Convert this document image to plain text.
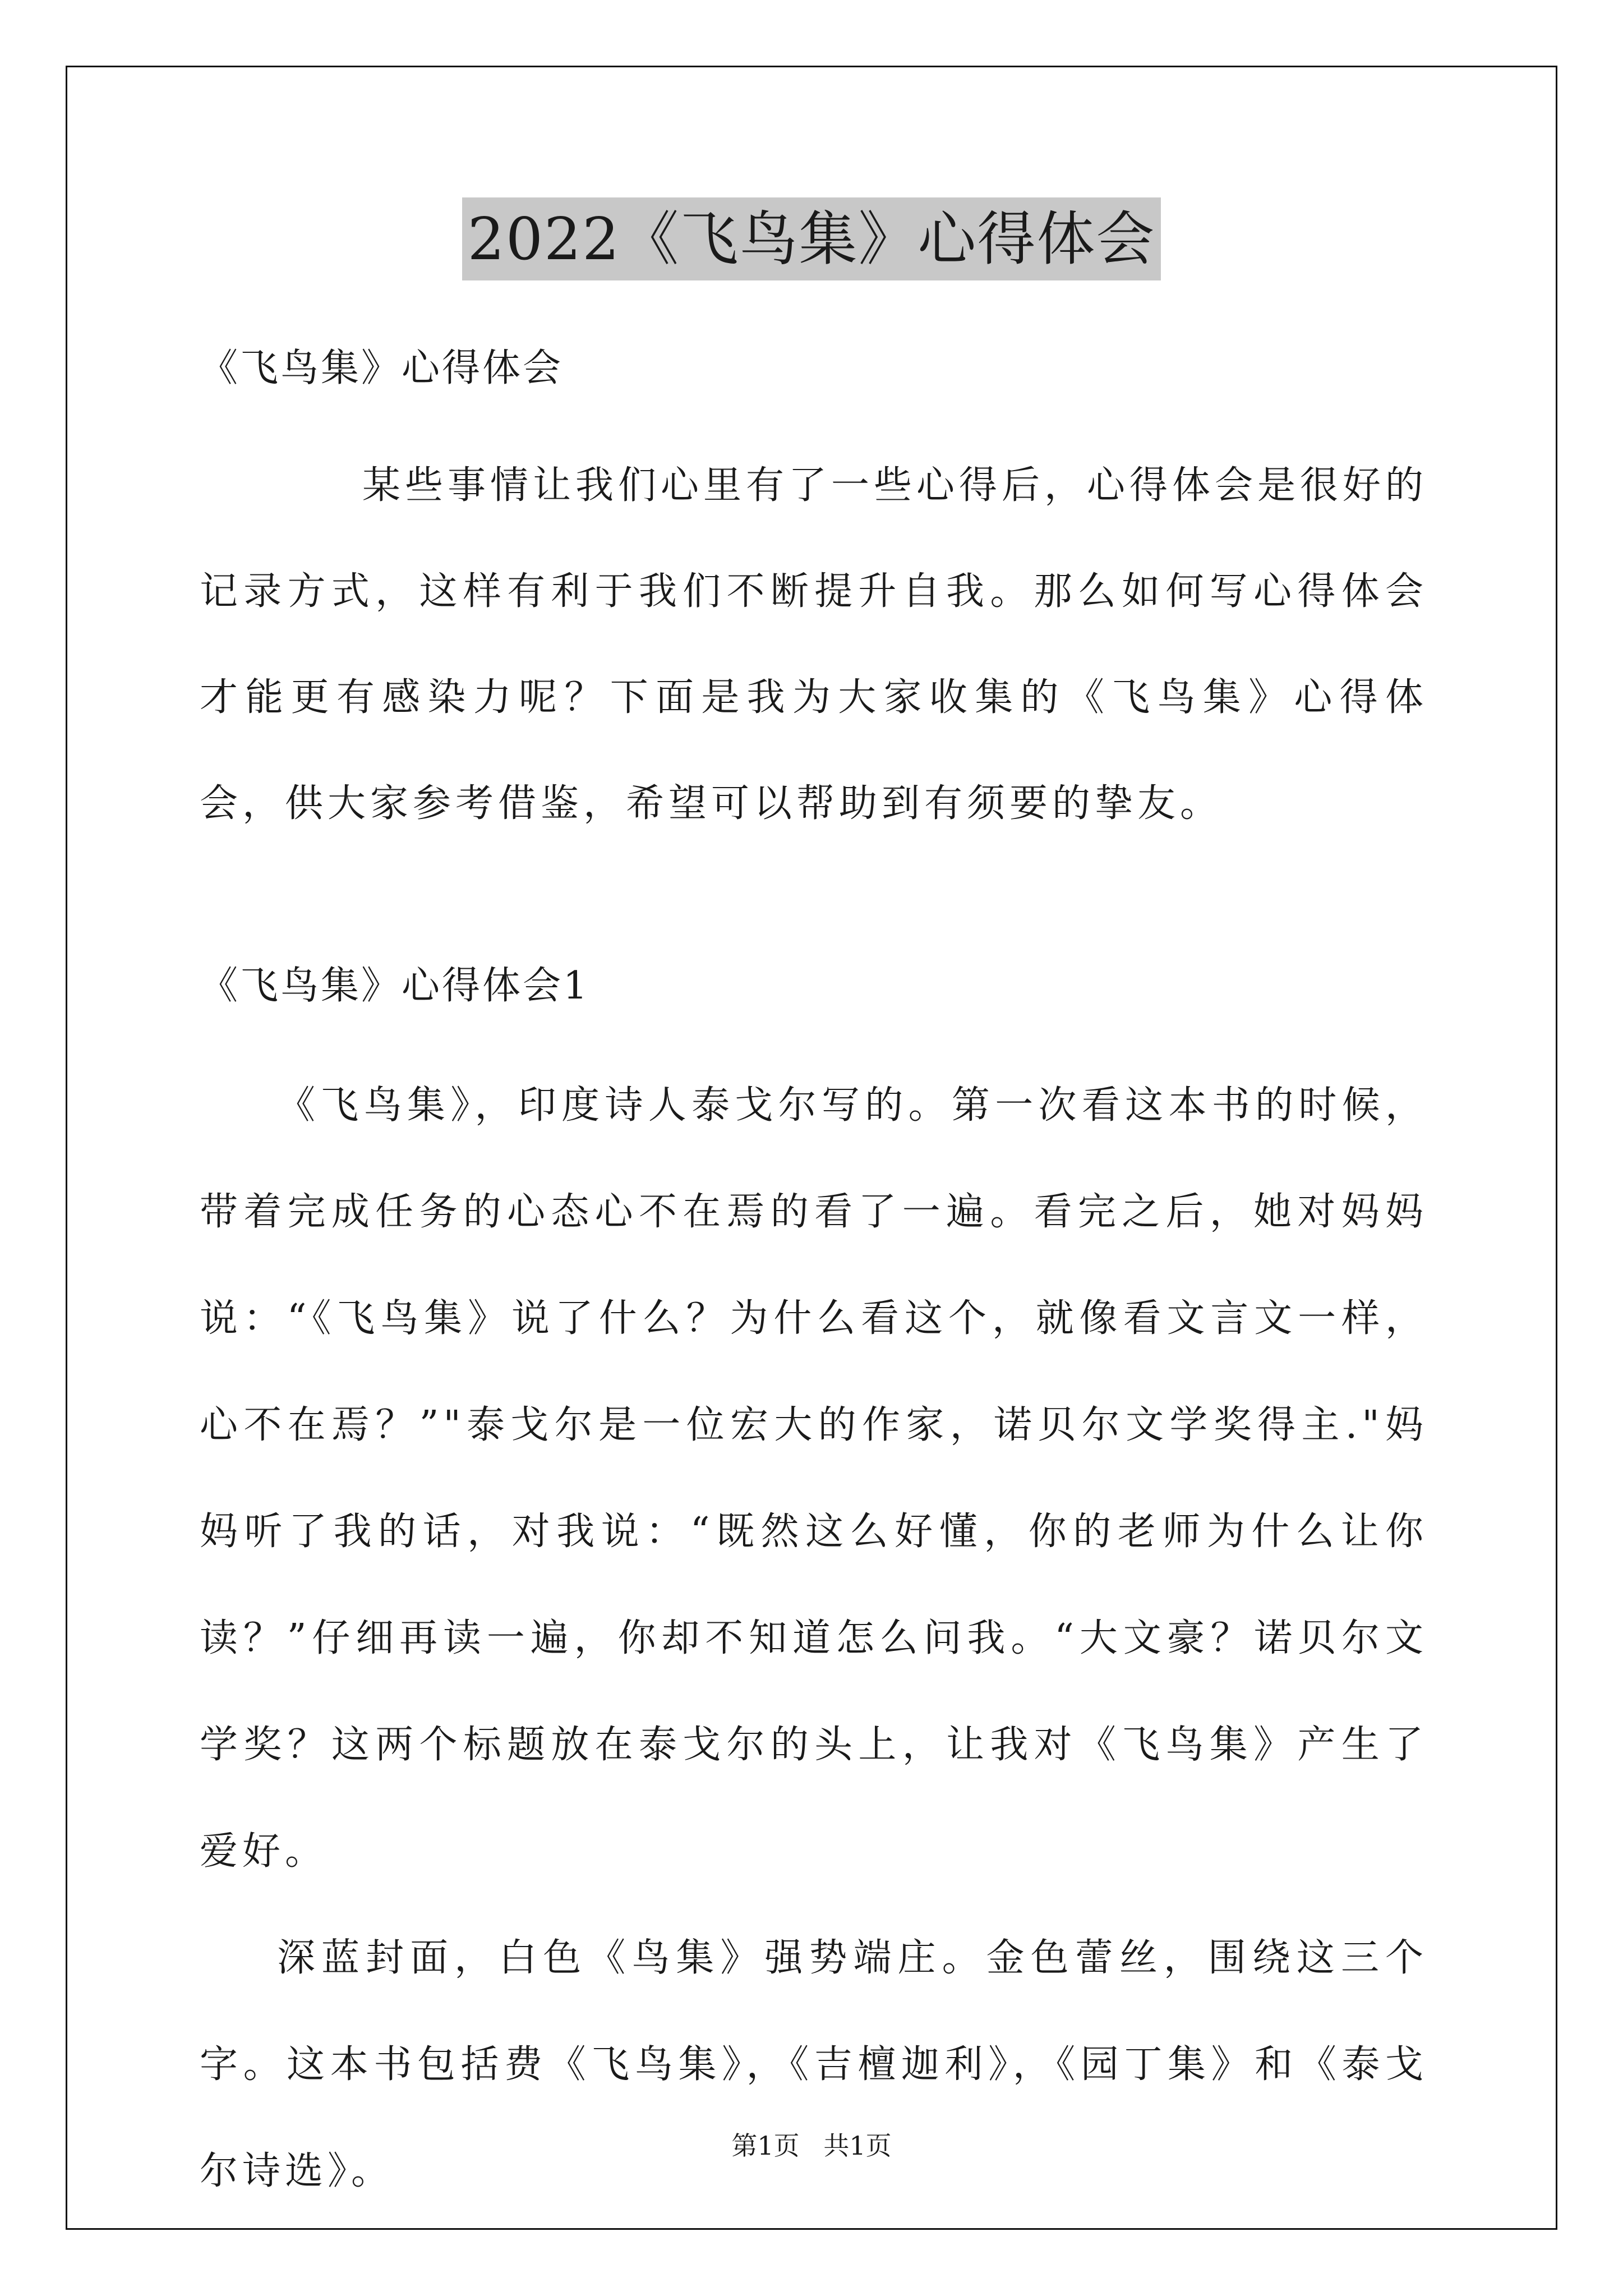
2022《飞鸟集》心得体会
《飞鸟集》心得体会

某些事情让我们心里有了一些心得后，心得体会是很好的记录方式，这样有利于我们不断提升自我。那么如何写心得体会才能更有感染力呢？下面是我为大家收集的《飞鸟集》心得体会，供大家参考借鉴，希望可以帮助到有须要的挚友。

《飞鸟集》心得体会1

《飞鸟集》，印度诗人泰戈尔写的。第一次看这本书的时候，带着完成任务的心态心不在焉的看了一遍。看完之后，她对妈妈说：“《飞鸟集》说了什么？为什么看这个，就像看文言文一样，心不在焉？”"泰戈尔是一位宏大的作家，诺贝尔文学奖得主."妈妈听了我的话，对我说：“既然这么好懂，你的老师为什么让你读？”仔细再读一遍，你却不知道怎么问我。“大文豪？诺贝尔文学奖？这两个标题放在泰戈尔的头上，让我对《飞鸟集》产生了爱好。

深蓝封面，白色《鸟集》强势端庄。金色蕾丝，围绕这三个字。这本书包括费《飞鸟集》，《吉檀迦利》，《园丁集》和《泰戈尔诗选》。

第1页 共1页
